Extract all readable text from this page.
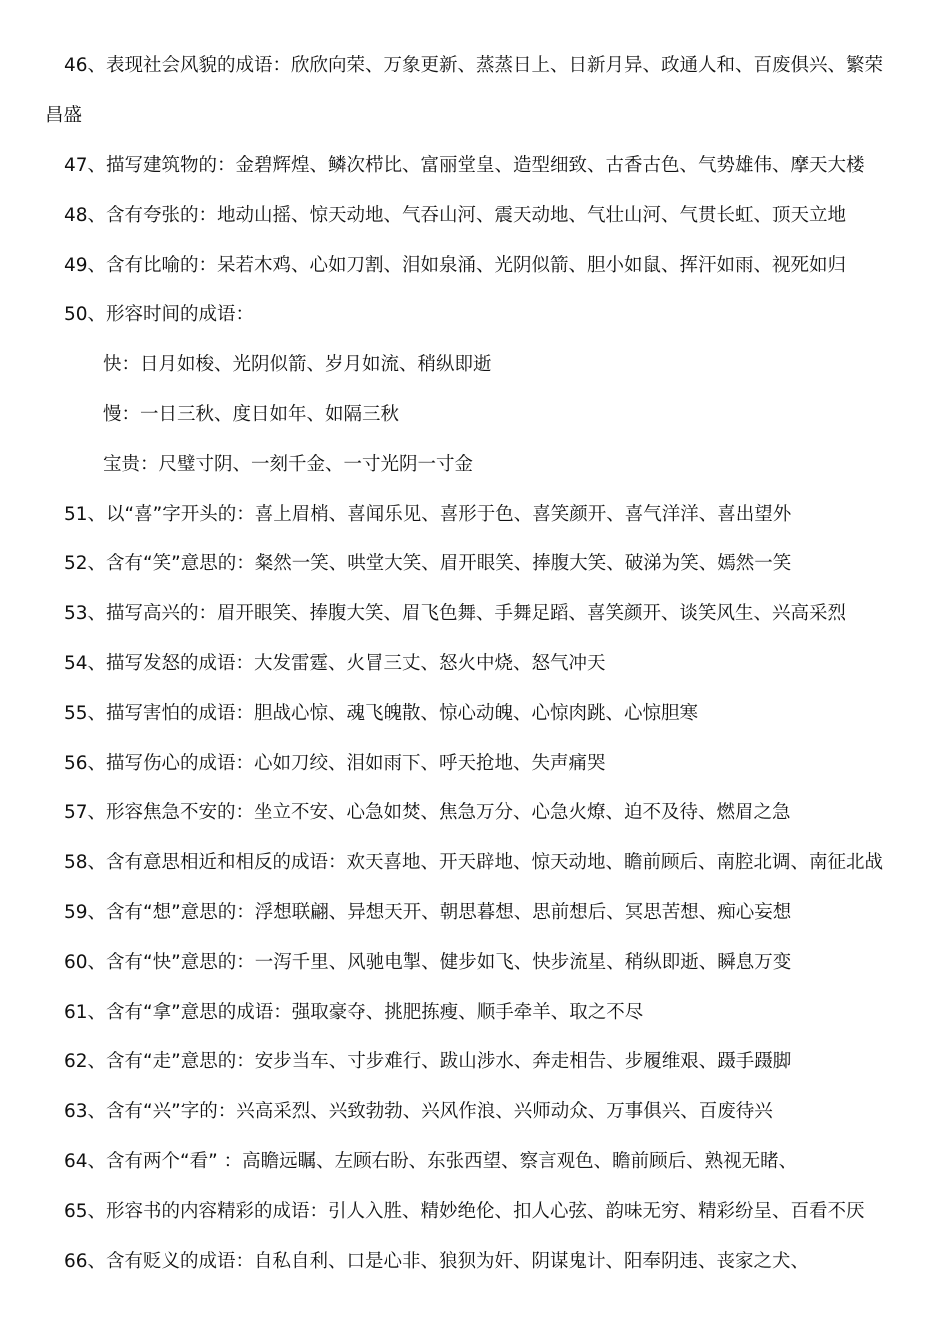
46、表现社会风貌的成语：欣欣向荣、万象更新、蒸蒸日上、日新月异、政通人和、百废俱兴、繁荣
昌盛
47、描写建筑物的：金碧辉煌、鳞次栉比、富丽堂皇、造型细致、古香古色、气势雄伟、摩天大楼
48、含有夸张的：地动山摇、惊天动地、气吞山河、震天动地、气壮山河、气贯长虹、顶天立地
49、含有比喻的：呆若木鸡、心如刀割、泪如泉涌、光阴似箭、胆小如鼠、挥汗如雨、视死如归
50、形容时间的成语：
快：日月如梭、光阴似箭、岁月如流、稍纵即逝
慢：一日三秋、度日如年、如隔三秋
宝贵：尺璧寸阴、一刻千金、一寸光阴一寸金
51、以“喜”字开头的：喜上眉梢、喜闻乐见、喜形于色、喜笑颜开、喜气洋洋、喜出望外
52、含有“笑”意思的：粲然一笑、哄堂大笑、眉开眼笑、捧腹大笑、破涕为笑、嫣然一笑
53、描写高兴的：眉开眼笑、捧腹大笑、眉飞色舞、手舞足蹈、喜笑颜开、谈笑风生、兴高采烈
54、描写发怒的成语：大发雷霆、火冒三丈、怒火中烧、怒气冲天
55、描写害怕的成语：胆战心惊、魂飞魄散、惊心动魄、心惊肉跳、心惊胆寒
56、描写伤心的成语：心如刀绞、泪如雨下、呼天抢地、失声痛哭
57、形容焦急不安的：坐立不安、心急如焚、焦急万分、心急火燎、迫不及待、燃眉之急
58、含有意思相近和相反的成语：欢天喜地、开天辟地、惊天动地、瞻前顾后、南腔北调、南征北战
59、含有“想”意思的：浮想联翩、异想天开、朝思暮想、思前想后、冥思苦想、痴心妄想
60、含有“快”意思的：一泻千里、风驰电掣、健步如飞、快步流星、稍纵即逝、瞬息万变
61、含有“拿”意思的成语：强取豪夺、挑肥拣瘦、顺手牵羊、取之不尽
62、含有“走”意思的：安步当车、寸步难行、跋山涉水、奔走相告、步履维艰、蹑手蹑脚
63、含有“兴”字的：兴高采烈、兴致勃勃、兴风作浪、兴师动众、万事俱兴、百废待兴
64、含有两个“看” ：高瞻远瞩、左顾右盼、东张西望、察言观色、瞻前顾后、熟视无睹、
65、形容书的内容精彩的成语：引人入胜、精妙绝伦、扣人心弦、韵味无穷、精彩纷呈、百看不厌
66、含有贬义的成语：自私自利、口是心非、狼狈为奸、阴谋鬼计、阳奉阴违、丧家之犬、
